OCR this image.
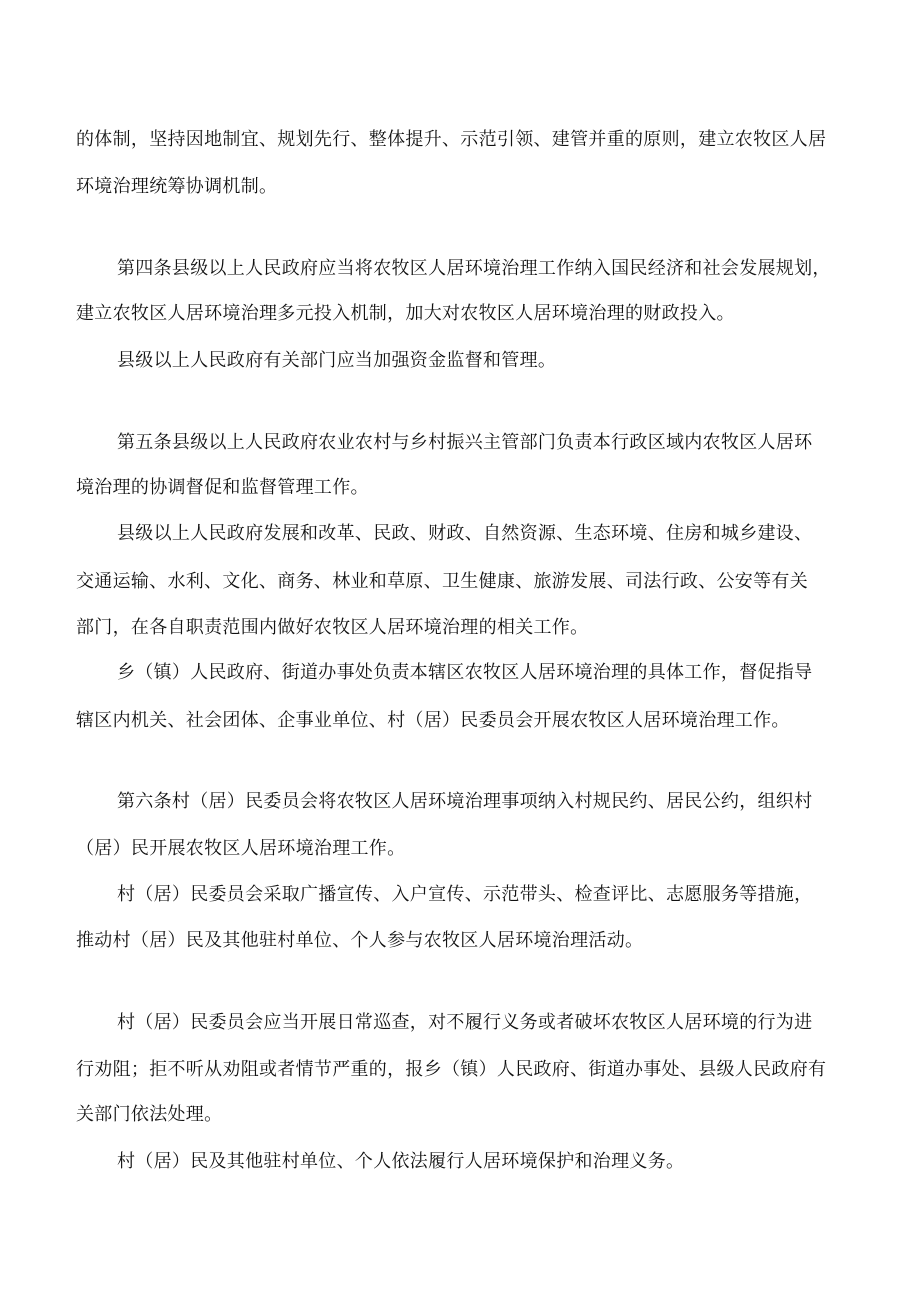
的体制，坚持因地制宜、规划先行、整体提升、示范引领、建管并重的原则，建立农牧区人居
环境治理统筹协调机制。
第四条县级以上人民政府应当将农牧区人居环境治理工作纳入国民经济和社会发展规划，
建立农牧区人居环境治理多元投入机制，加大对农牧区人居环境治理的财政投入。
县级以上人民政府有关部门应当加强资金监督和管理。
第五条县级以上人民政府农业农村与乡村振兴主管部门负责本行政区域内农牧区人居环
境治理的协调督促和监督管理工作。
县级以上人民政府发展和改革、民政、财政、自然资源、生态环境、住房和城乡建设、
交通运输、水利、文化、商务、林业和草原、卫生健康、旅游发展、司法行政、公安等有关
部门，在各自职责范围内做好农牧区人居环境治理的相关工作。
乡（镇）人民政府、街道办事处负责本辖区农牧区人居环境治理的具体工作，督促指导
辖区内机关、社会团体、企事业单位、村（居）民委员会开展农牧区人居环境治理工作。
第六条村（居）民委员会将农牧区人居环境治理事项纳入村规民约、居民公约，组织村
（居）民开展农牧区人居环境治理工作。
村（居）民委员会采取广播宣传、入户宣传、示范带头、检查评比、志愿服务等措施，
推动村（居）民及其他驻村单位、个人参与农牧区人居环境治理活动。
村（居）民委员会应当开展日常巡查，对不履行义务或者破坏农牧区人居环境的行为进
行劝阻；拒不听从劝阻或者情节严重的，报乡（镇）人民政府、街道办事处、县级人民政府有
关部门依法处理。
村（居）民及其他驻村单位、个人依法履行人居环境保护和治理义务。
